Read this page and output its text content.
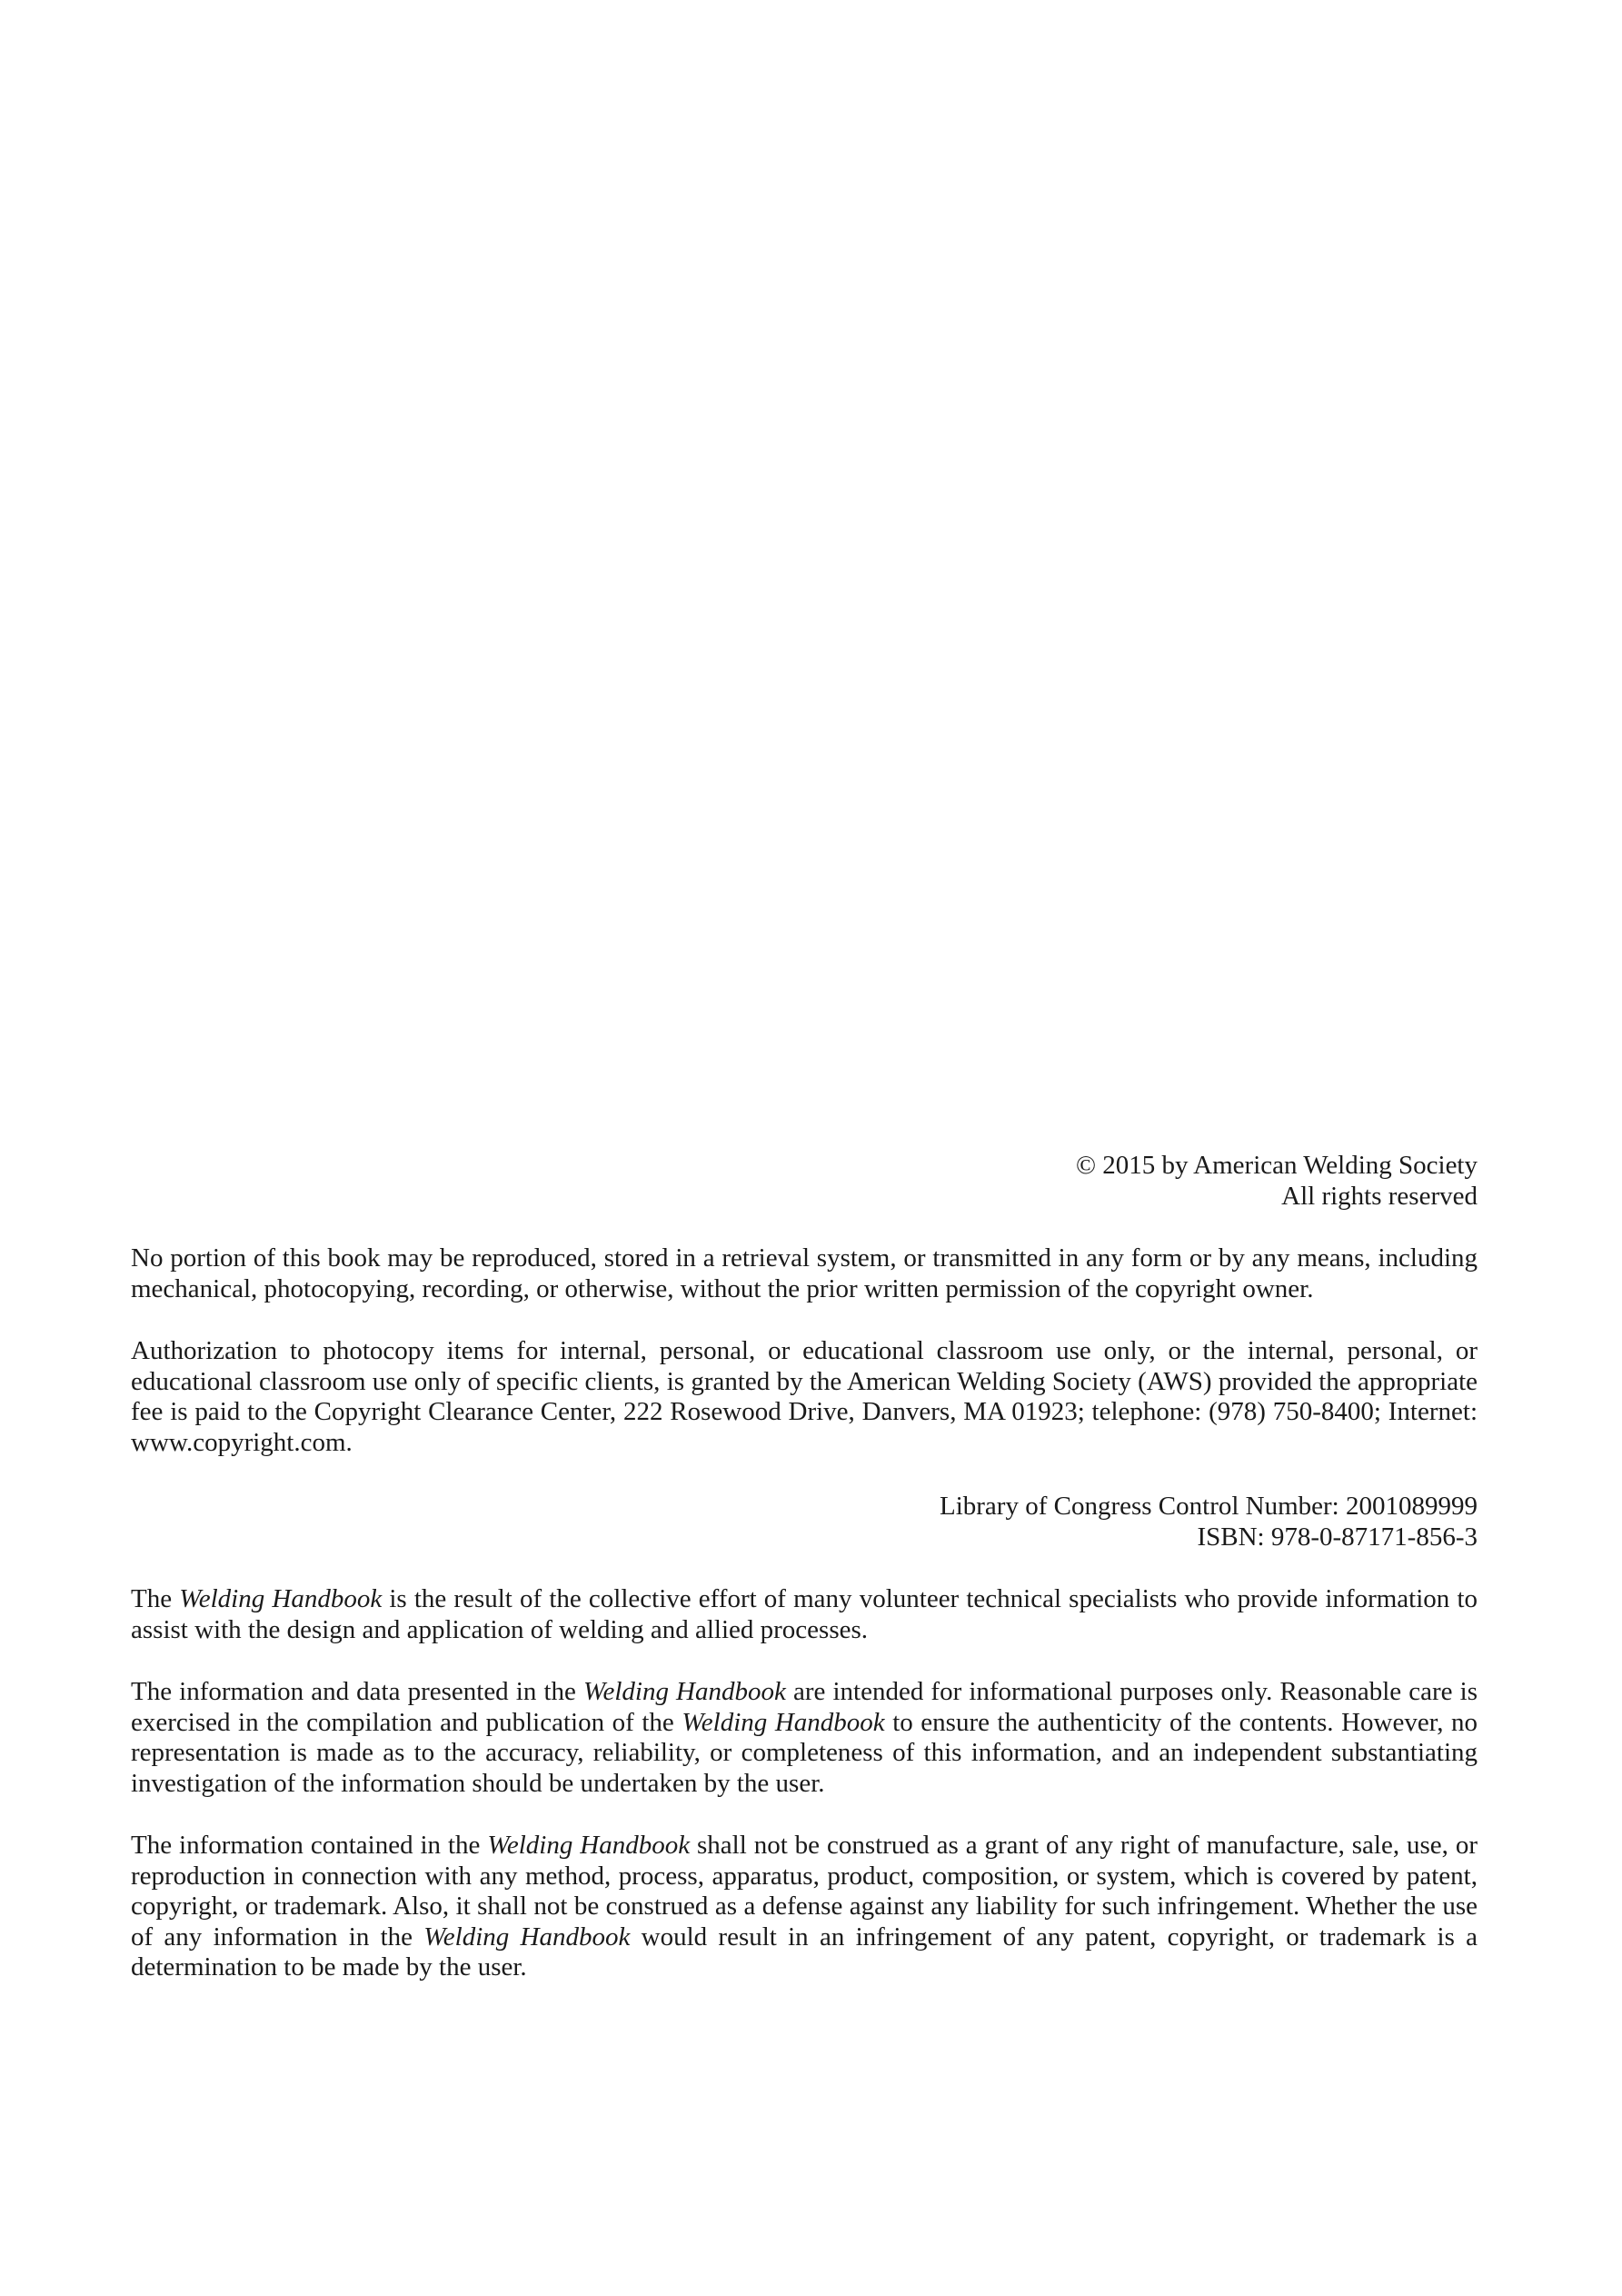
© 2015 by American Welding Society

All rights reserved

No portion of this book may be reproduced, stored in a retrieval system, or transmitted in any form or by any means, including mechanical, photocopying, recording, or otherwise, without the prior written permission of the copyright owner.

Authorization to photocopy items for internal, personal, or educational classroom use only, or the internal, personal, or educational classroom use only of specific clients, is granted by the American Welding Society (AWS) provided the appropriate fee is paid to the Copyright Clearance Center, 222 Rosewood Drive, Danvers, MA 01923; telephone: (978) 750-8400; Internet: www.copyright.com.

Library of Congress Control Number: 2001089999

ISBN: 978-0-87171-856-3

The Welding Handbook is the result of the collective effort of many volunteer technical specialists who provide information to assist with the design and application of welding and allied processes.

The information and data presented in the Welding Handbook are intended for informational purposes only. Reasonable care is exercised in the compilation and publication of the Welding Handbook to ensure the authenticity of the contents. However, no representation is made as to the accuracy, reliability, or completeness of this information, and an independent substantiating investigation of the information should be undertaken by the user.

The information contained in the Welding Handbook shall not be construed as a grant of any right of manufacture, sale, use, or reproduction in connection with any method, process, apparatus, product, composition, or system, which is covered by patent, copyright, or trademark. Also, it shall not be construed as a defense against any liability for such infringement. Whether the use of any information in the Welding Handbook would result in an infringement of any patent, copyright, or trademark is a determination to be made by the user.
